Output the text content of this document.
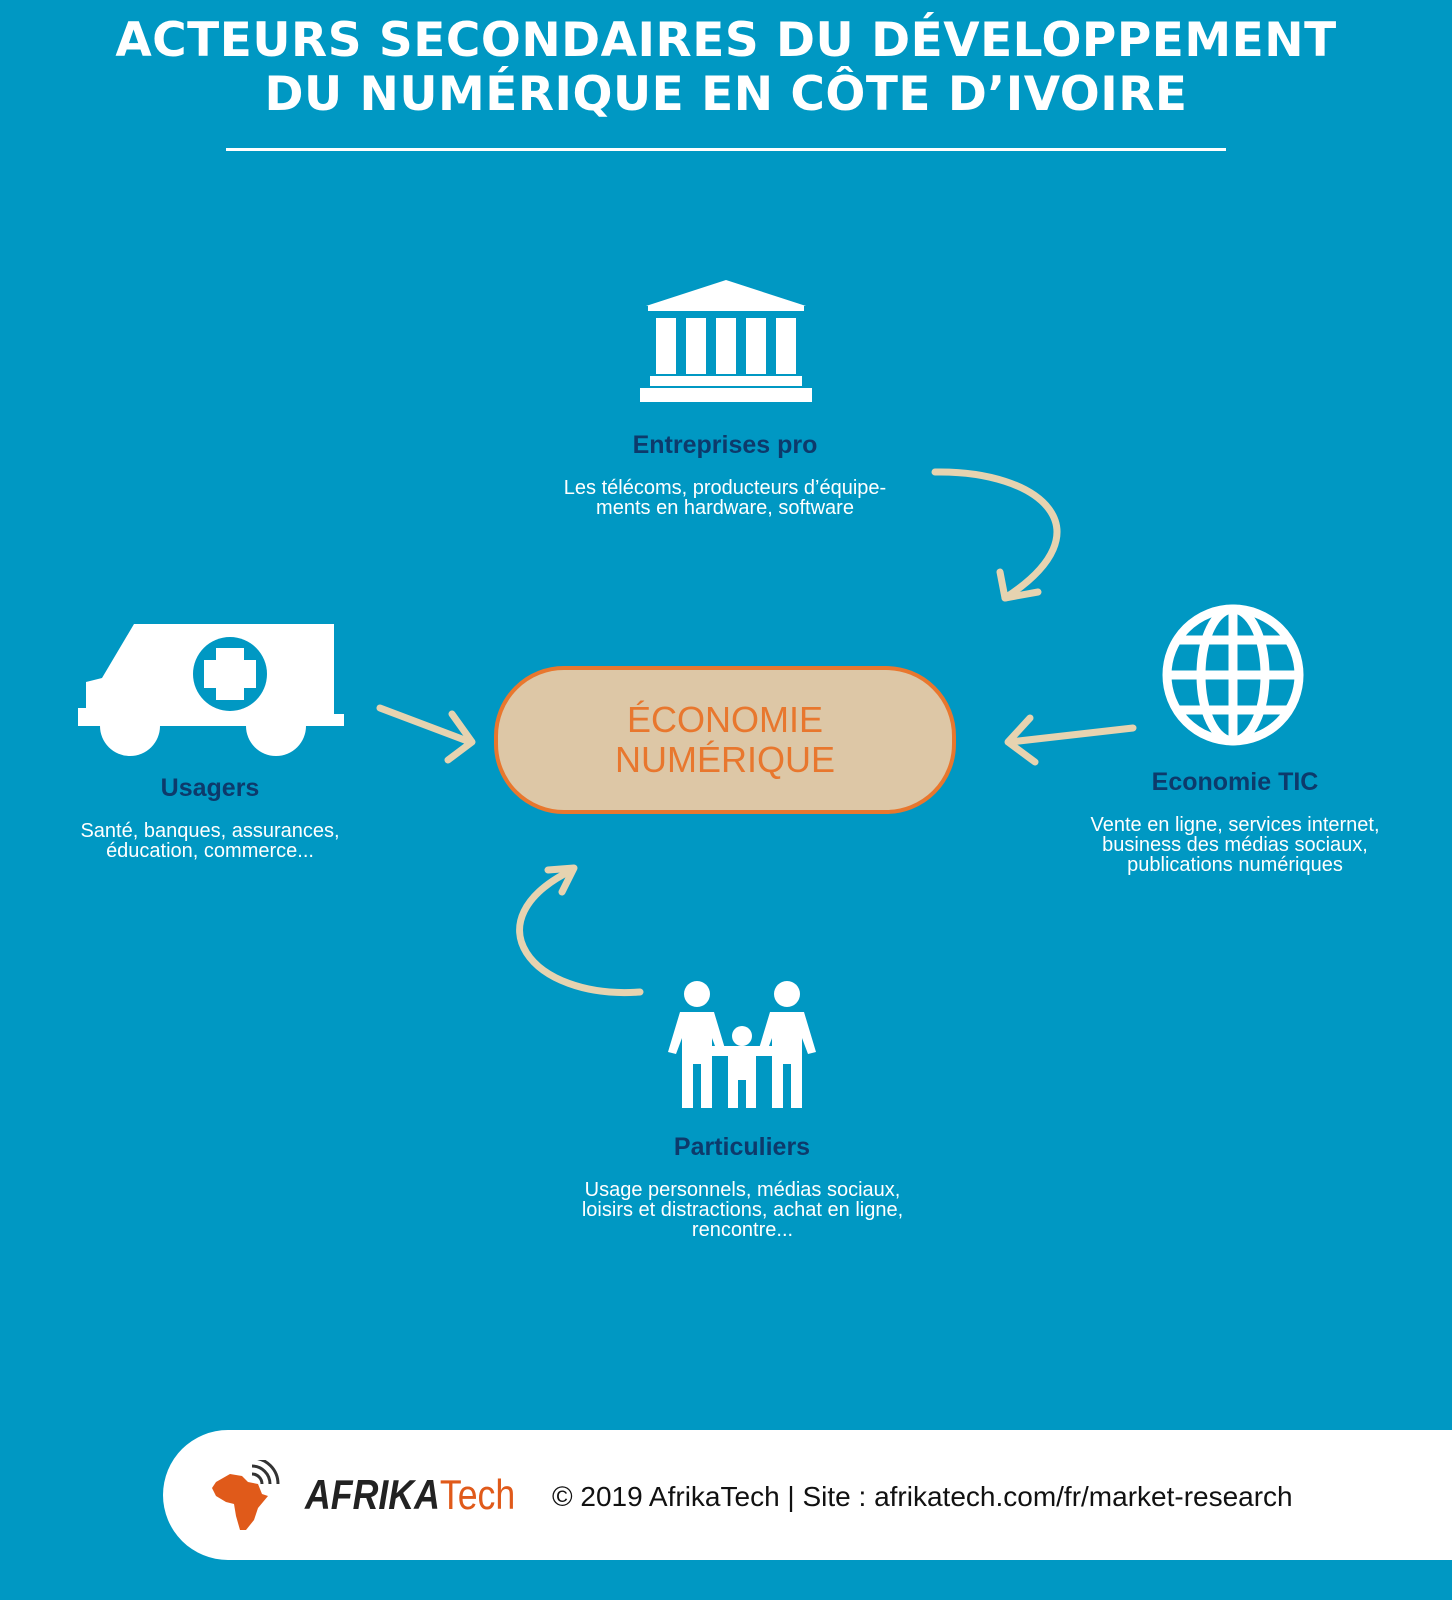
ACTEURS SECONDAIRES DU DÉVELOPPEMENT
DU NUMÉRIQUE EN CÔTE D’IVOIRE
ÉCONOMIE
NUMÉRIQUE
Entreprises pro
Les télécoms, producteurs d’équipe-
ments en hardware, software
Economie TIC
Vente en ligne, services internet,
business des médias sociaux,
publications numériques
Usagers
Santé, banques, assurances,
éducation, commerce...
Particuliers
Usage personnels, médias sociaux,
loisirs et distractions, achat en ligne,
rencontre...
AFRIKATech © 2019 AfrikaTech | Site : afrikatech.com/fr/market-research
